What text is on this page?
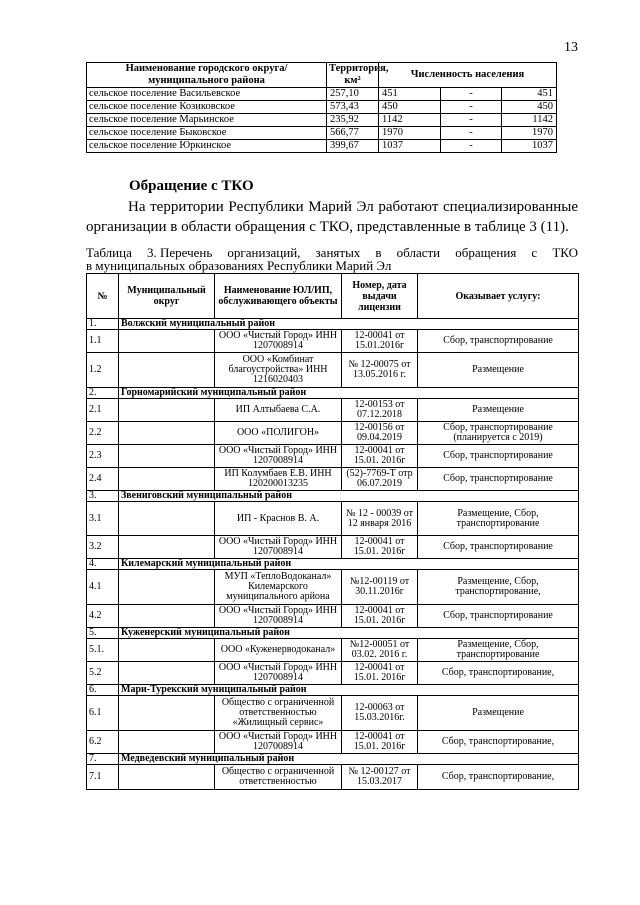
13
Наименование городского округа/муниципального района	Территория, км²	Численность населения		
сельское поселение Васильевское	257,10	451	-	451
сельское поселение Козиковское	573,43	450	-	450
сельское поселение Марьинское	235,92	1142	-	1142
сельское поселение Быковское	566,77	1970	-	1970
сельское поселение Юркинское	399,67	1037	-	1037
Обращение с ТКО
На территории Республики Марий Эл работают специализированные организации в области обращения с ТКО, представленные в таблице 3 (11).
Таблица 3. Перечень организаций, занятых в области обращения с ТКО
в муниципальных образованиях Республики Марий Эл
№	Муниципальный округ	Наименование ЮЛ/ИП, обслуживающего объекты	Номер, дата выдачи лицензии	Оказывает услугу:
1.	Волжский муниципальный район			
1.1		ООО «Чистый Город» ИНН 1207008914	12-00041 от 15.01.2016г	Сбор, транспортирование
1.2		ООО «Комбинат благоустройства» ИНН 1216020403	№ 12-00075 от 13.05.2016 г.	Размещение
2.	Горномарийский муниципальный район			
2.1		ИП Алтыбаева С.А.	12-00153 от 07.12.2018	Размещение
2.2		ООО «ПОЛИГОН»	12-00156 от 09.04.2019	Сбор, транспортирование (планируется с 2019)
2.3		ООО «Чистый Город» ИНН 1207008914	12-00041 от 15.01. 2016г	Сбор, транспортирование
2.4		ИП Колумбаев Е.В. ИНН 120200013235	(52)-7769-Т отр 06.07.2019	Сбор, транспортирование
3.	Звениговский муниципальный район			
3.1		ИП - Краснов В. А.	№ 12 - 00039 от 12 января 2016	Размещение, Сбор, транспортирование
3.2		ООО «Чистый Город» ИНН 1207008914	12-00041 от 15.01. 2016г	Сбор, транспортирование
4.	Килемарский муниципальный район			
4.1		МУП «ТеплоВодоканал» Килемарского муниципального арйона	№12-00119 от 30.11.2016г	Размещение, Сбор, транспортирование,
4.2		ООО «Чистый Город» ИНН 1207008914	12-00041 от 15.01. 2016г	Сбор, транспортирование
5.	Куженерский муниципальный район			
5.1.		ООО «Куженерводоканал»	№12-00051 от 03.02. 2016 г.	Размещение, Сбор, транспортирование
5.2		ООО «Чистый Город» ИНН 1207008914	12-00041 от 15.01. 2016г	Сбор, транспортирование,
6.	Мари-Турекский муниципальный район			
6.1		Общество с ограниченной ответственностью «Жилищный сервис»	12-00063 от 15.03.2016г.	Размещение
6.2		ООО «Чистый Город» ИНН 1207008914	12-00041 от 15.01. 2016г	Сбор, транспортирование,
7.	Медведевский муниципальный район			
7.1		Общество с ограниченной ответственностью	№ 12-00127 от 15.03.2017	Сбор, транспортирование,
